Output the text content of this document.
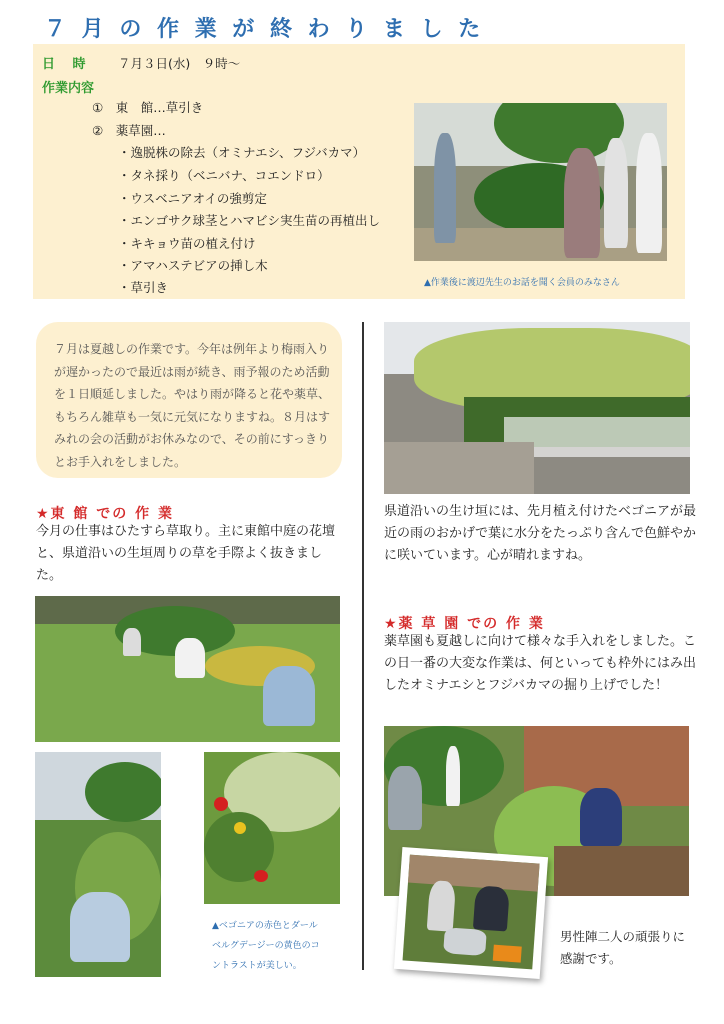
７ 月 の 作 業 が 終 わ り ま し た
日　 時	７月３日(水)　９時～
作業内容
①　東　館…草引き
②　薬草園…
・逸脱株の除去（オミナエシ、フジバカマ）
・タネ採り（ベニバナ、コエンドロ）
・ウスベニアオイの強剪定
・エンゴサク球茎とハマビシ実生苗の再植出し
・キキョウ苗の植え付け
・アマハステビアの挿し木
・草引き	▲作業後に渡辺先生のお話を聞く会員のみなさん

７月は夏越しの作業です。今年は例年より梅雨入りが遅かったので最近は雨が続き、雨予報のため活動を１日順延しました。やはり雨が降ると花や薬草、もちろん雑草も一気に元気になりますね。８月はすみれの会の活動がお休みなので、その前にすっきりとお手入れをしました。

★東 館 での 作 業
今月の仕事はひたすら草取り。主に東館中庭の花壇と、県道沿いの生垣周りの草を手際よく抜きました。
▲ベゴニアの赤色とダール
ベルグデージーの黄色のコ
ントラストが美しい。
県道沿いの生け垣には、先月植え付けたベゴニアが最近の雨のおかげで葉に水分をたっぷり含んで色鮮やかに咲いています。心が晴れますね。
★薬 草 園 での 作 業
薬草園も夏越しに向けて様々な手入れをしました。この日一番の大変な作業は、何といっても枠外にはみ出したオミナエシとフジバカマの掘り上げでした！
男性陣二人の頑張りに
感謝です。
